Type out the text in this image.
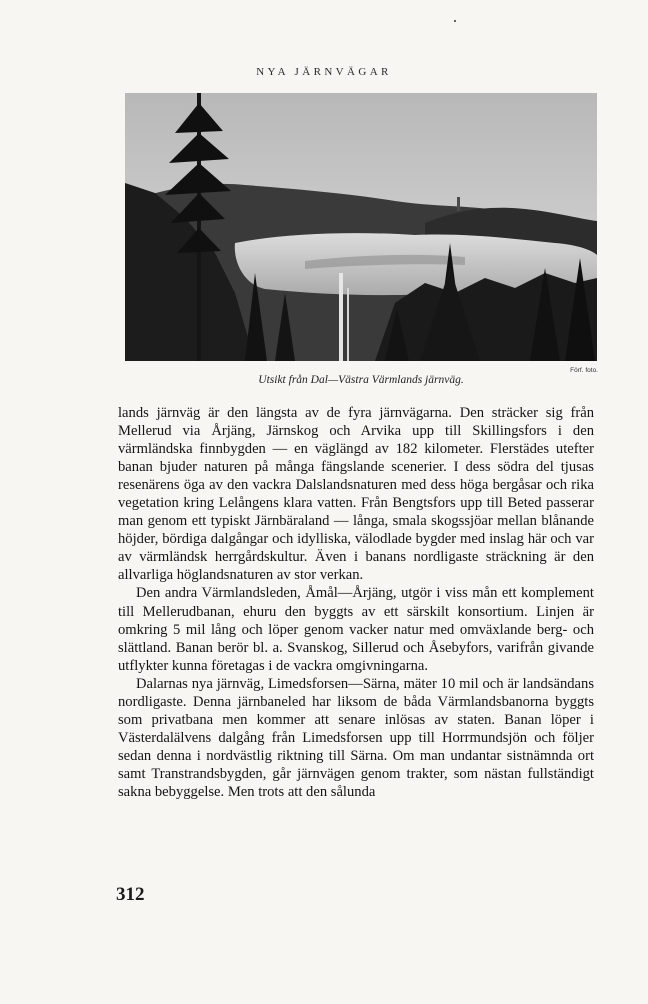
NYA JÄRNVÄGAR
Förf. foto.
Utsikt från Dal—Västra Värmlands järnväg.

lands järnväg är den längsta av de fyra järnvägarna. Den sträcker sig från Mellerud via Årjäng, Järnskog och Arvika upp till Skillingsfors i den värmländska finnbygden — en väglängd av 182 kilometer. Flerstädes utefter banan bjuder naturen på många fängslande scenerier. I dess södra del tjusas resenärens öga av den vackra Dalslandsnaturen med dess höga bergåsar och rika vegetation kring Lelångens klara vatten. Från Bengtsfors upp till Beted passerar man genom ett typiskt Järnbäraland — långa, smala skogssjöar mellan blånande höjder, bördiga dalgångar och idylliska, välodlade bygder med inslag här och var av värmländsk herrgårdskultur. Även i banans nordligaste sträckning är den allvarliga höglandsnaturen av stor verkan.

Den andra Värmlandsleden, Åmål—Årjäng, utgör i viss mån ett komplement till Mellerudbanan, ehuru den byggts av ett särskilt konsortium. Linjen är omkring 5 mil lång och löper genom vacker natur med omväxlande berg- och slättland. Banan berör bl. a. Svanskog, Sillerud och Åsebyfors, varifrån givande utflykter kunna företagas i de vackra omgivningarna.

Dalarnas nya järnväg, Limedsforsen—Särna, mäter 10 mil och är landsändans nordligaste. Denna järnbaneled har liksom de båda Värmlandsbanorna byggts som privatbana men kommer att senare inlösas av staten. Banan löper i Västerdalälvens dalgång från Limedsforsen upp till Horrmundsjön och följer sedan denna i nordvästlig riktning till Särna. Om man undantar sistnämnda ort samt Transtrandsbygden, går järnvägen genom trakter, som nästan fullständigt sakna bebyggelse. Men trots att den sålunda

312
